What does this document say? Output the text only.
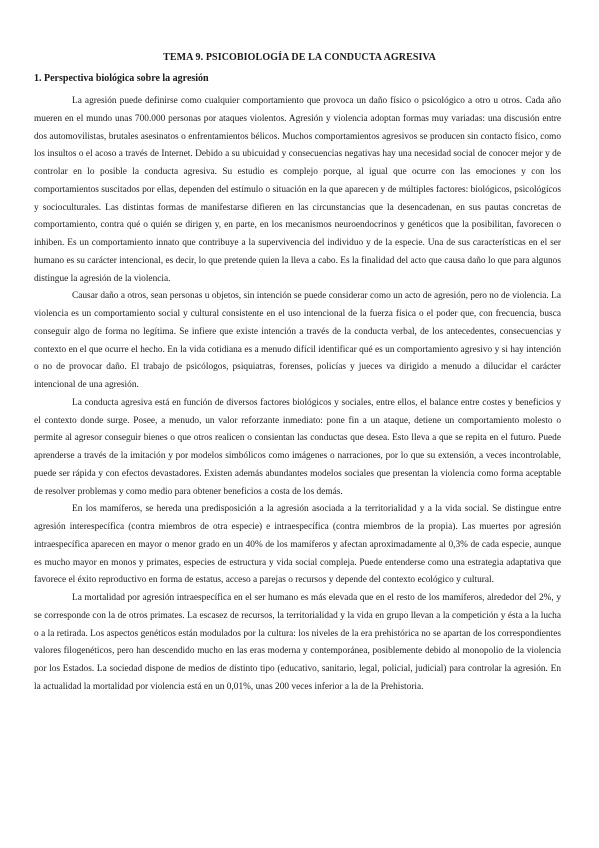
TEMA 9. PSICOBIOLOGÍA DE LA CONDUCTA AGRESIVA
1. Perspectiva biológica sobre la agresión

La agresión puede definirse como cualquier comportamiento que provoca un daño físico o psicológico a otro u otros. Cada año mueren en el mundo unas 700.000 personas por ataques violentos. Agresión y violencia adoptan formas muy variadas: una discusión entre dos automovilistas, brutales asesinatos o enfrentamientos bélicos. Muchos comportamientos agresivos se producen sin contacto físico, como los insultos o el acoso a través de Internet. Debido a su ubicuidad y consecuencias negativas hay una necesidad social de conocer mejor y de controlar en lo posible la conducta agresiva. Su estudio es complejo porque, al igual que ocurre con las emociones y con los comportamientos suscitados por ellas, dependen del estímulo o situación en la que aparecen y de múltiples factores: biológicos, psicológicos y socioculturales. Las distintas formas de manifestarse difieren en las circunstancias que la desencadenan, en sus pautas concretas de comportamiento, contra qué o quién se dirigen y, en parte, en los mecanismos neuroendocrinos y genéticos que la posibilitan, favorecen o inhiben. Es un comportamiento innato que contribuye a la supervivencia del individuo y de la especie. Una de sus características en el ser humano es su carácter intencional, es decir, lo que pretende quien la lleva a cabo. Es la finalidad del acto que causa daño lo que para algunos distingue la agresión de la violencia.

Causar daño a otros, sean personas u objetos, sin intención se puede considerar como un acto de agresión, pero no de violencia. La violencia es un comportamiento social y cultural consistente en el uso intencional de la fuerza física o el poder que, con frecuencia, busca conseguir algo de forma no legítima. Se infiere que existe intención a través de la conducta verbal, de los antecedentes, consecuencias y contexto en el que ocurre el hecho. En la vida cotidiana es a menudo difícil identificar qué es un comportamiento agresivo y si hay intención o no de provocar daño. El trabajo de psicólogos, psiquiatras, forenses, policías y jueces va dirigido a menudo a dilucidar el carácter intencional de una agresión.

La conducta agresiva está en función de diversos factores biológicos y sociales, entre ellos, el balance entre costes y beneficios y el contexto donde surge. Posee, a menudo, un valor reforzante inmediato: pone fin a un ataque, detiene un comportamiento molesto o permite al agresor conseguir bienes o que otros realicen o consientan las conductas que desea. Esto lleva a que se repita en el futuro. Puede aprenderse a través de la imitación y por modelos simbólicos como imágenes o narraciones, por lo que su extensión, a veces incontrolable, puede ser rápida y con efectos devastadores. Existen además abundantes modelos sociales que presentan la violencia como forma aceptable de resolver problemas y como medio para obtener beneficios a costa de los demás.

En los mamíferos, se hereda una predisposición a la agresión asociada a la territorialidad y a la vida social. Se distingue entre agresión interespecífica (contra miembros de otra especie) e intraespecífica (contra miembros de la propia). Las muertes por agresión intraespecífica aparecen en mayor o menor grado en un 40% de los mamíferos y afectan aproximadamente al 0,3% de cada especie, aunque es mucho mayor en monos y primates, especies de estructura y vida social compleja. Puede entenderse como una estrategia adaptativa que favorece el éxito reproductivo en forma de estatus, acceso a parejas o recursos y depende del contexto ecológico y cultural.

La mortalidad por agresión intraespecífica en el ser humano es más elevada que en el resto de los mamíferos, alrededor del 2%, y se corresponde con la de otros primates. La escasez de recursos, la territorialidad y la vida en grupo llevan a la competición y ésta a la lucha o a la retirada. Los aspectos genéticos están modulados por la cultura: los niveles de la era prehistórica no se apartan de los correspondientes valores filogenéticos, pero han descendido mucho en las eras moderna y contemporánea, posiblemente debido al monopolio de la violencia por los Estados. La sociedad dispone de medios de distinto tipo (educativo, sanitario, legal, policial, judicial) para controlar la agresión. En la actualidad la mortalidad por violencia está en un 0,01%, unas 200 veces inferior a la de la Prehistoria.
